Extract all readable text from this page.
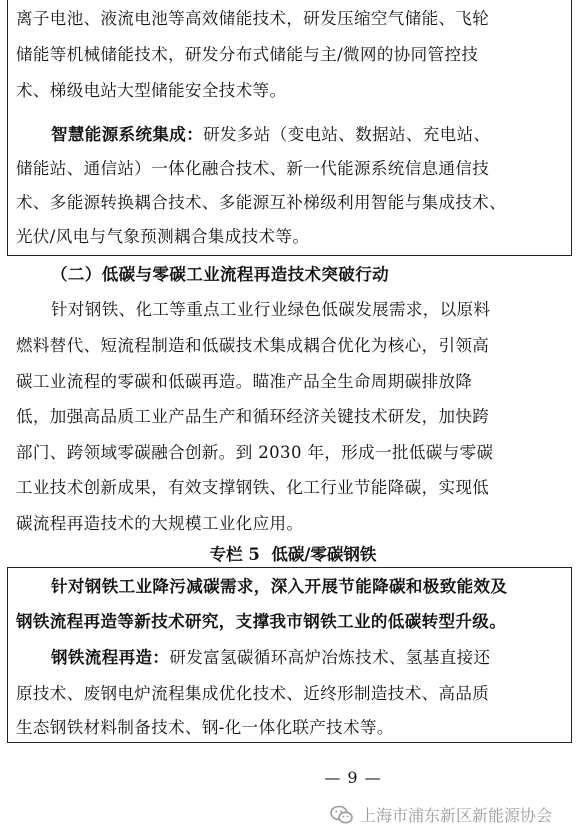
离子电池、液流电池等高效储能技术，研发压缩空气储能、飞轮
储能等机械储能技术，研发分布式储能与主/微网的协同管控技
术、梯级电站大型储能安全技术等。
智慧能源系统集成：研发多站（变电站、数据站、充电站、
储能站、通信站）一体化融合技术、新一代能源系统信息通信技
术、多能源转换耦合技术、多能源互补梯级利用智能与集成技术、
光伏/风电与气象预测耦合集成技术等。
（二）低碳与零碳工业流程再造技术突破行动
针对钢铁、化工等重点工业行业绿色低碳发展需求，以原料
燃料替代、短流程制造和低碳技术集成耦合优化为核心，引领高
碳工业流程的零碳和低碳再造。瞄准产品全生命周期碳排放降
低，加强高品质工业产品生产和循环经济关键技术研发，加快跨
部门、跨领域零碳融合创新。到 2030 年，形成一批低碳与零碳
工业技术创新成果，有效支撑钢铁、化工行业节能降碳，实现低
碳流程再造技术的大规模工业化应用。
专栏 5  低碳/零碳钢铁
针对钢铁工业降污减碳需求，深入开展节能降碳和极致能效及
钢铁流程再造等新技术研究，支撑我市钢铁工业的低碳转型升级。
钢铁流程再造：研发富氢碳循环高炉冶炼技术、氢基直接还
原技术、废钢电炉流程集成优化技术、近终形制造技术、高品质
生态钢铁材料制备技术、钢-化一体化联产技术等。
— 9 —
上海市浦东新区新能源协会
